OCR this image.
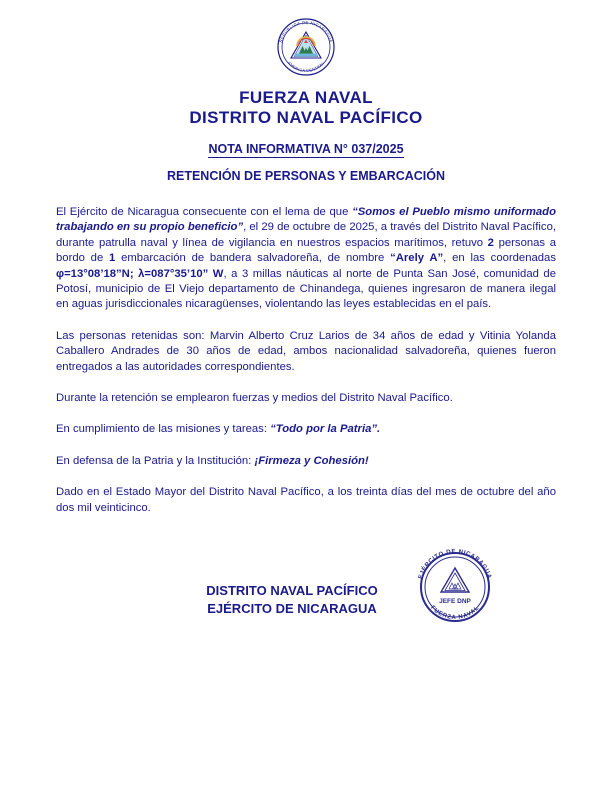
REPUBLICA DE NICARAGUA
AMERICA CENTRAL
FUERZA NAVAL
DISTRITO NAVAL PACÍFICO
NOTA INFORMATIVA N° 037/2025
RETENCIÓN DE PERSONAS Y EMBARCACIÓN

El Ejército de Nicaragua consecuente con el lema de que “Somos el Pueblo mismo uniformado trabajando en su propio beneficio”, el 29 de octubre de 2025, a través del Distrito Naval Pacífico, durante patrulla naval y línea de vigilancia en nuestros espacios marítimos, retuvo 2 personas a bordo de 1 embarcación de bandera salvadoreña, de nombre “Arely A”, en las coordenadas φ=13°08’18”N; λ=087°35’10” W, a 3 millas náuticas al norte de Punta San José, comunidad de Potosí, municipio de El Viejo departamento de Chinandega, quienes ingresaron de manera ilegal en aguas jurisdiccionales nicaragüenses, violentando las leyes establecidas en el país.

Las personas retenidas son: Marvin Alberto Cruz Larios de 34 años de edad y Vitinia Yolanda Caballero Andrades de 30 años de edad, ambos nacionalidad salvadoreña, quienes fueron entregados a las autoridades correspondientes.

Durante la retención se emplearon fuerzas y medios del Distrito Naval Pacífico.

En cumplimiento de las misiones y tareas: “Todo por la Patria”.

En defensa de la Patria y la Institución: ¡Firmeza y Cohesión!

Dado en el Estado Mayor del Distrito Naval Pacífico, a los treinta días del mes de octubre del año dos mil veinticinco.

EJÉRCITO DE NICARAGUA
FUERZA NAVAL
JEFE DNP
DISTRITO NAVAL PACÍFICO
EJÉRCITO DE NICARAGUA
